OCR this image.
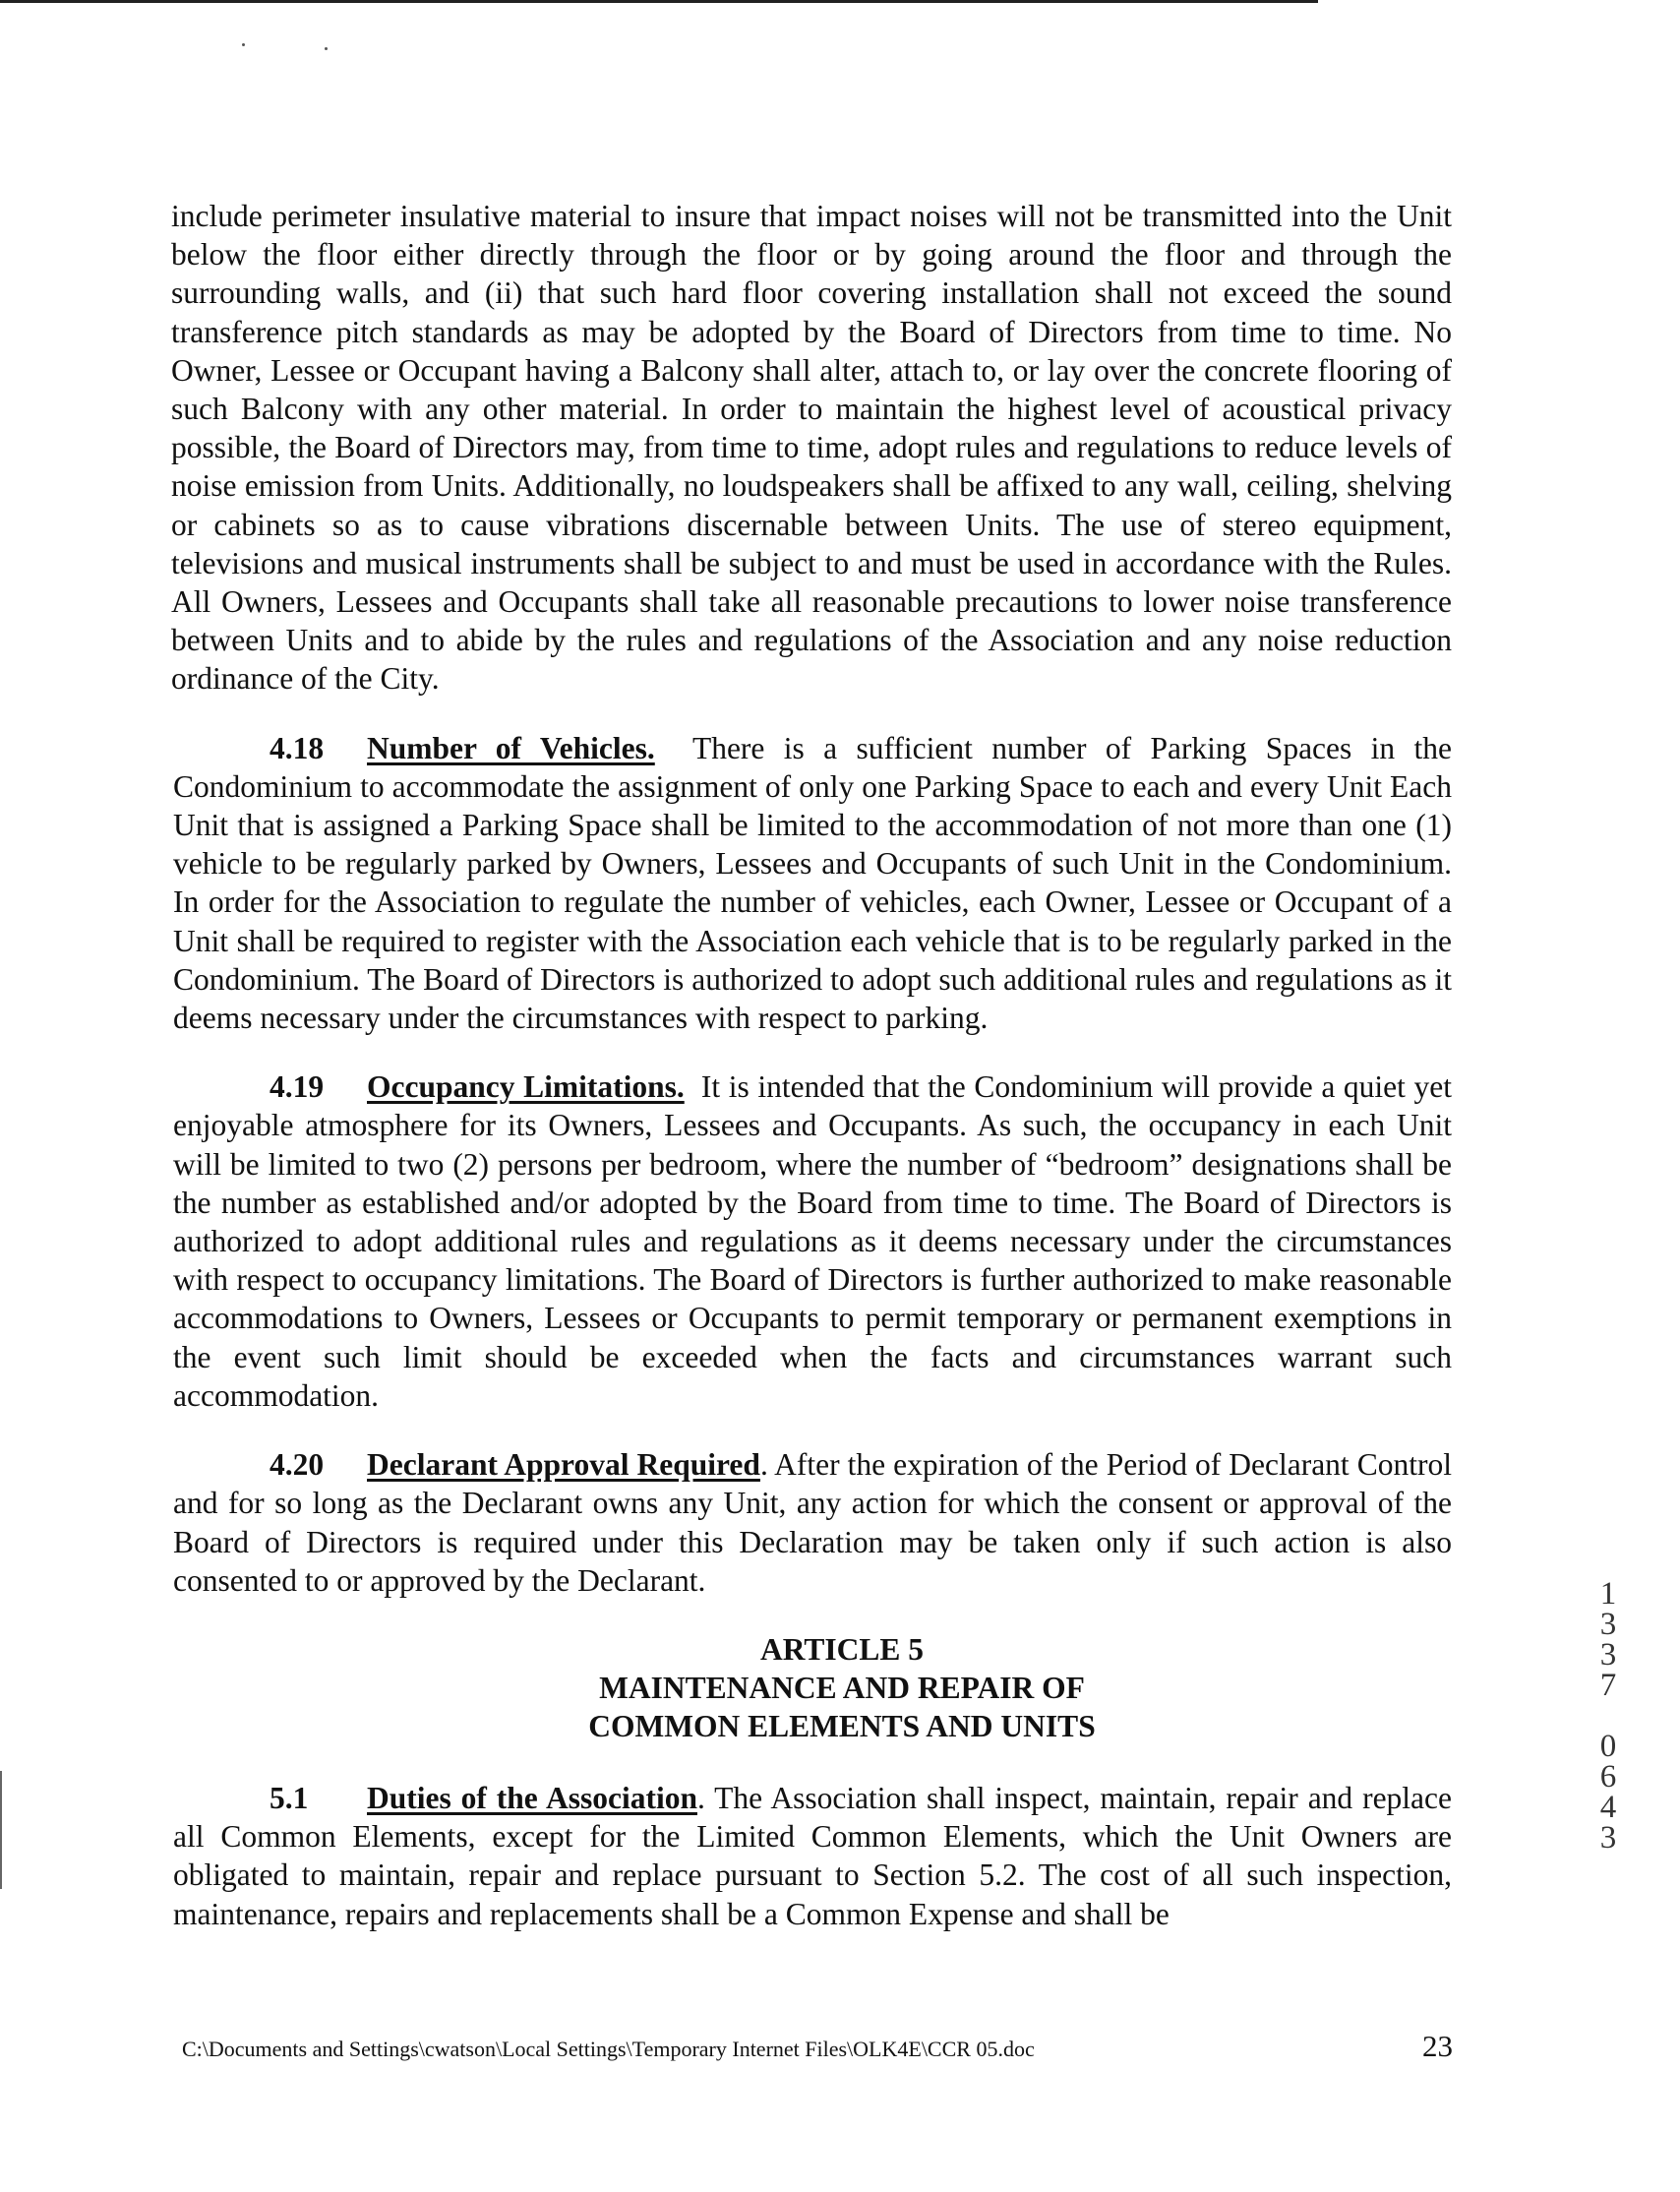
include perimeter insulative material to insure that impact noises will not be transmitted into the Unit below the floor either directly through the floor or by going around the floor and through the surrounding walls, and (ii) that such hard floor covering installation shall not exceed the sound transference pitch standards as may be adopted by the Board of Directors from time to time. No Owner, Lessee or Occupant having a Balcony shall alter, attach to, or lay over the concrete flooring of such Balcony with any other material. In order to maintain the highest level of acoustical privacy possible, the Board of Directors may, from time to time, adopt rules and regulations to reduce levels of noise emission from Units. Additionally, no loudspeakers shall be affixed to any wall, ceiling, shelving or cabinets so as to cause vibrations discernable between Units. The use of stereo equipment, televisions and musical instruments shall be subject to and must be used in accordance with the Rules. All Owners, Lessees and Occupants shall take all reasonable precautions to lower noise transference between Units and to abide by the rules and regulations of the Association and any noise reduction ordinance of the City.

4.18 Number of Vehicles. There is a sufficient number of Parking Spaces in the Condominium to accommodate the assignment of only one Parking Space to each and every Unit Each Unit that is assigned a Parking Space shall be limited to the accommodation of not more than one (1) vehicle to be regularly parked by Owners, Lessees and Occupants of such Unit in the Condominium. In order for the Association to regulate the number of vehicles, each Owner, Lessee or Occupant of a Unit shall be required to register with the Association each vehicle that is to be regularly parked in the Condominium. The Board of Directors is authorized to adopt such additional rules and regulations as it deems necessary under the circumstances with respect to parking.

4.19 Occupancy Limitations. It is intended that the Condominium will provide a quiet yet enjoyable atmosphere for its Owners, Lessees and Occupants. As such, the occupancy in each Unit will be limited to two (2) persons per bedroom, where the number of “bedroom” designations shall be the number as established and/or adopted by the Board from time to time. The Board of Directors is authorized to adopt additional rules and regulations as it deems necessary under the circumstances with respect to occupancy limitations. The Board of Directors is further authorized to make reasonable accommodations to Owners, Lessees or Occupants to permit temporary or permanent exemptions in the event such limit should be exceeded when the facts and circumstances warrant such accommodation.

4.20 Declarant Approval Required. After the expiration of the Period of Declarant Control and for so long as the Declarant owns any Unit, any action for which the consent or approval of the Board of Directors is required under this Declaration may be taken only if such action is also consented to or approved by the Declarant.

ARTICLE 5
MAINTENANCE AND REPAIR OF
COMMON ELEMENTS AND UNITS

5.1 Duties of the Association. The Association shall inspect, maintain, repair and replace all Common Elements, except for the Limited Common Elements, which the Unit Owners are obligated to maintain, repair and replace pursuant to Section 5.2. The cost of all such inspection, maintenance, repairs and replacements shall be a Common Expense and shall be

1
3
3
7

0
6
4
3
C:\Documents and Settings\cwatson\Local Settings\Temporary Internet Files\OLK4E\CCR 05.doc	23
